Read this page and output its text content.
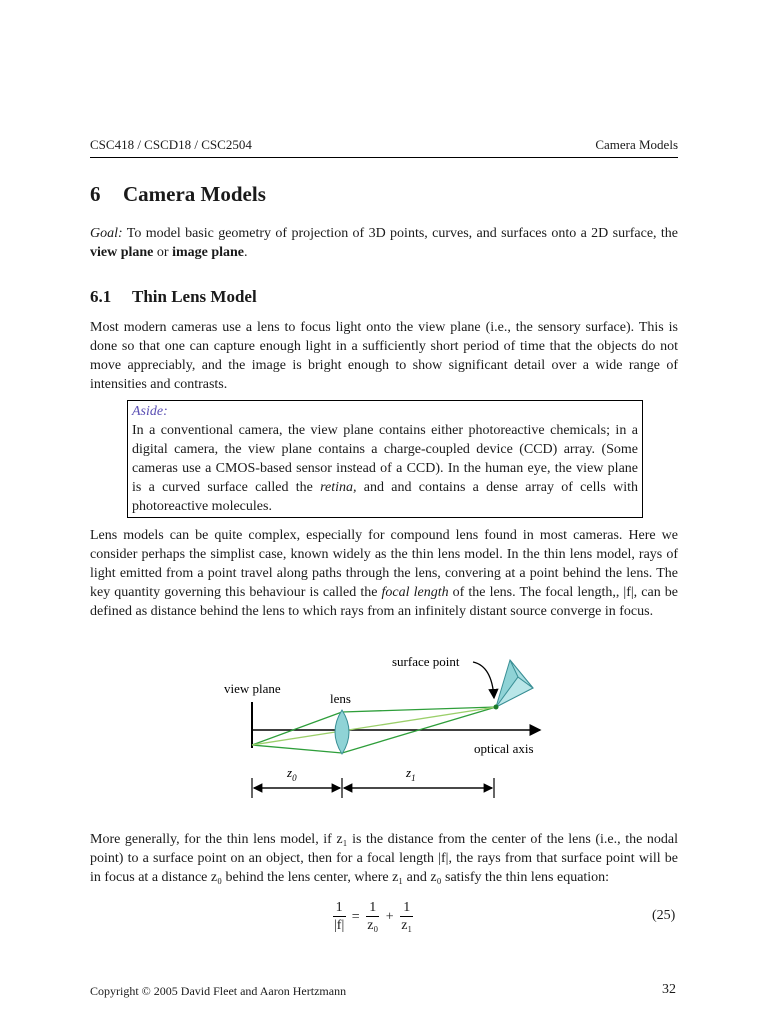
CSC418 / CSCD18 / CSC2504	Camera Models
6 Camera Models
Goal: To model basic geometry of projection of 3D points, curves, and surfaces onto a 2D surface, the view plane or image plane.
6.1 Thin Lens Model
Most modern cameras use a lens to focus light onto the view plane (i.e., the sensory surface). This is done so that one can capture enough light in a sufficiently short period of time that the objects do not move appreciably, and the image is bright enough to show significant detail over a wide range of intensities and contrasts.
Aside:
In a conventional camera, the view plane contains either photoreactive chemicals; in a digital camera, the view plane contains a charge-coupled device (CCD) array. (Some cameras use a CMOS-based sensor instead of a CCD). In the human eye, the view plane is a curved surface called the retina, and and contains a dense array of cells with photoreactive molecules.
Lens models can be quite complex, especially for compound lens found in most cameras. Here we consider perhaps the simplist case, known widely as the thin lens model. In the thin lens model, rays of light emitted from a point travel along paths through the lens, convering at a point behind the lens. The key quantity governing this behaviour is called the focal length of the lens. The focal length,, |f|, can be defined as distance behind the lens to which rays from an infinitely distant source converge in focus.
surface point
view plane
lens
optical axis
$z_0$	$z_1$
More generally, for the thin lens model, if z₁ is the distance from the center of the lens (i.e., the nodal point) to a surface point on an object, then for a focal length |f|, the rays from that surface point will be in focus at a distance z₀ behind the lens center, where z₁ and z₀ satisfy the thin lens equation:
$\frac{1}{|f|} = \frac{1}{\text{z₀}} + \frac{1}{\text{z₁}}$	(25)
Copyright © 2005 David Fleet and Aaron Hertzmann	32
